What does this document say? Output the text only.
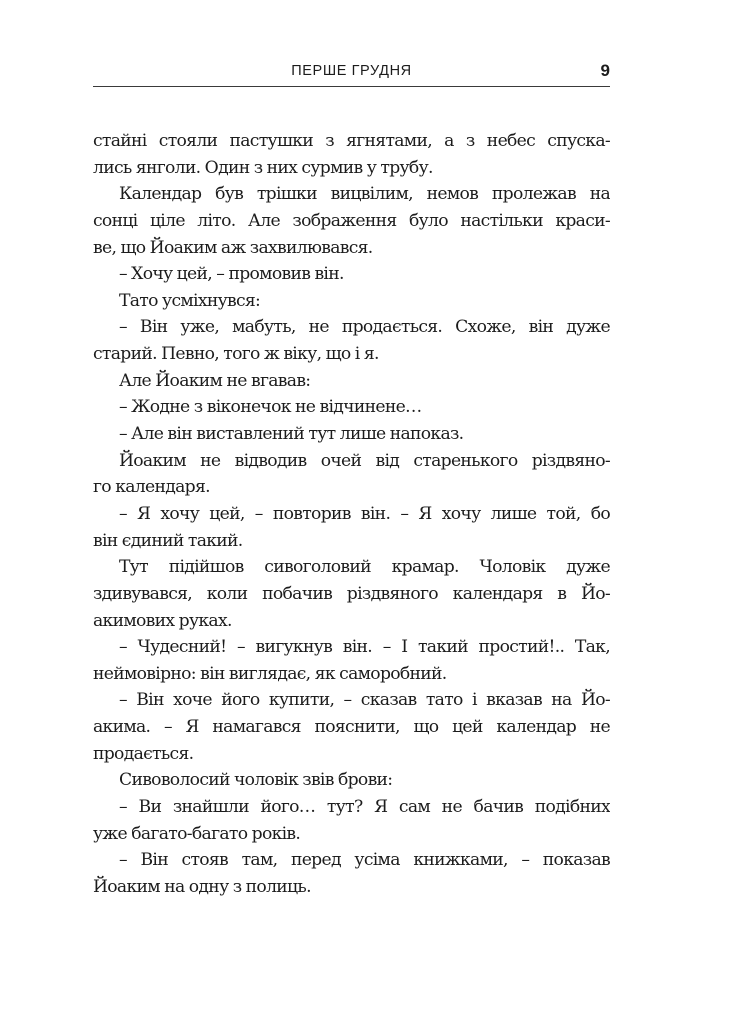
ПЕРШЕ ГРУДНЯ	9
стайні стояли пастушки з ягнятами, а з небес спуска-
лись янголи. Один з них сурмив у трубу.
Календар був трішки вицвілим, немов пролежав на
сонці ціле літо. Але зображення було настільки краси-
ве, що Йоаким аж захвилювався.
– Хочу цей, – промовив він.
Тато усміхнувся:
– Він уже, мабуть, не продається. Схоже, він дуже
старий. Певно, того ж віку, що і я.
Але Йоаким не вгавав:
– Жодне з віконечок не відчинене…
– Але він виставлений тут лише напоказ.
Йоаким не відводив очей від старенького різдвяно-
го календаря.
– Я хочу цей, – повторив він. – Я хочу лише той, бо
він єдиний такий.
Тут підійшов сивоголовий крамар. Чоловік дуже
здивувався, коли побачив різдвяного календаря в Йо-
акимових руках.
– Чудесний! – вигукнув він. – І такий простий!.. Так,
неймовірно: він виглядає, як саморобний.
– Він хоче його купити, – сказав тато і вказав на Йо-
акима. – Я намагався пояснити, що цей календар не
продається.
Сивоволосий чоловік звів брови:
– Ви знайшли його… тут? Я сам не бачив подібних
уже багато-багато років.
– Він стояв там, перед усіма книжками, – показав
Йоаким на одну з полиць.
